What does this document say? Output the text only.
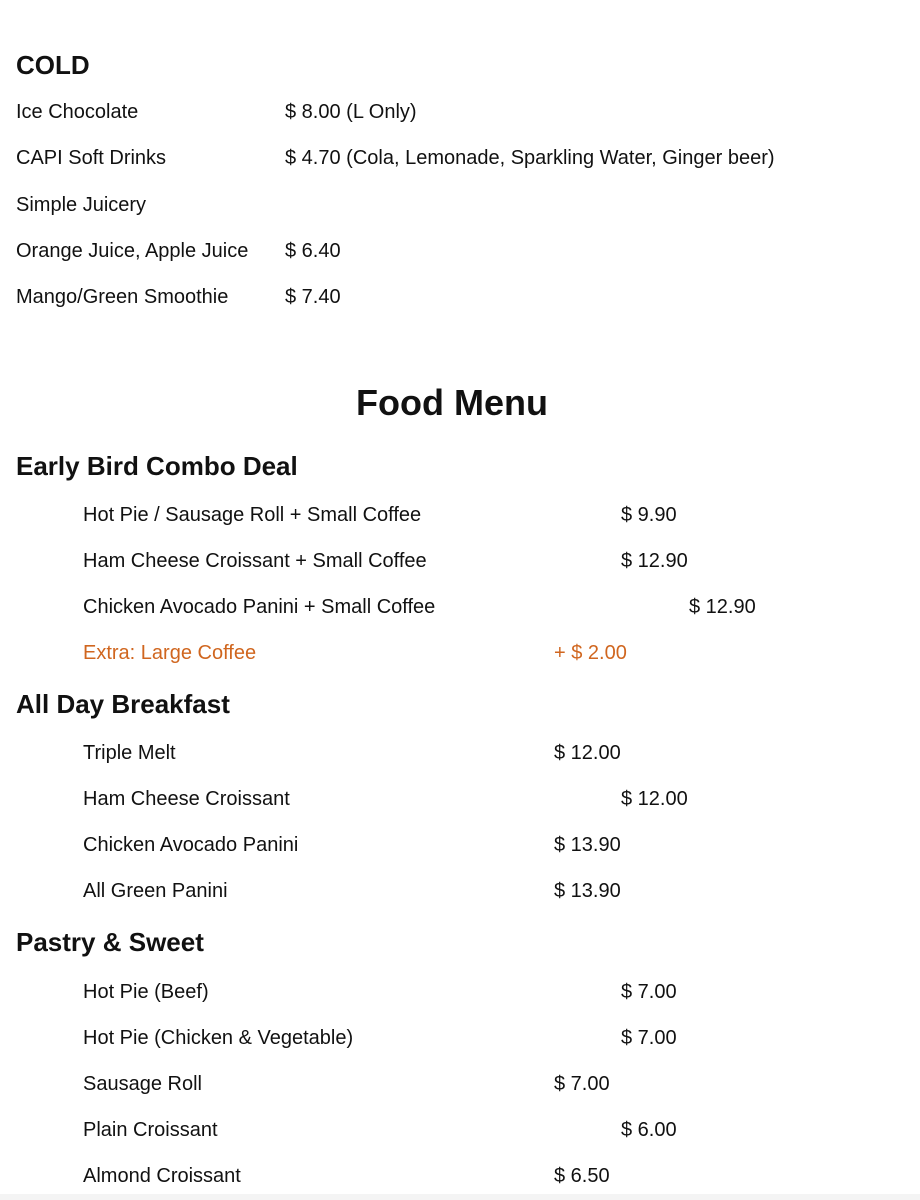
COLD
Ice Chocolate	$ 8.00 (L Only)
CAPI Soft Drinks	$ 4.70 (Cola, Lemonade, Sparkling Water, Ginger beer)
Simple Juicery
Orange Juice, Apple Juice $ 6.40
Mango/Green Smoothie	$ 7.40
Food Menu
Early Bird Combo Deal
Hot Pie / Sausage Roll + Small Coffee	$ 9.90
Ham Cheese Croissant + Small Coffee	$ 12.90
Chicken Avocado Panini + Small Coffee	$ 12.90
Extra: Large Coffee	+ $ 2.00
All Day Breakfast
Triple Melt	$ 12.00
Ham Cheese Croissant	$ 12.00
Chicken Avocado Panini	$ 13.90
All Green Panini	$ 13.90
Pastry & Sweet
Hot Pie (Beef)	$ 7.00
Hot Pie (Chicken & Vegetable)	$ 7.00
Sausage Roll	$ 7.00
Plain Croissant	$ 6.00
Almond Croissant	$ 6.50
